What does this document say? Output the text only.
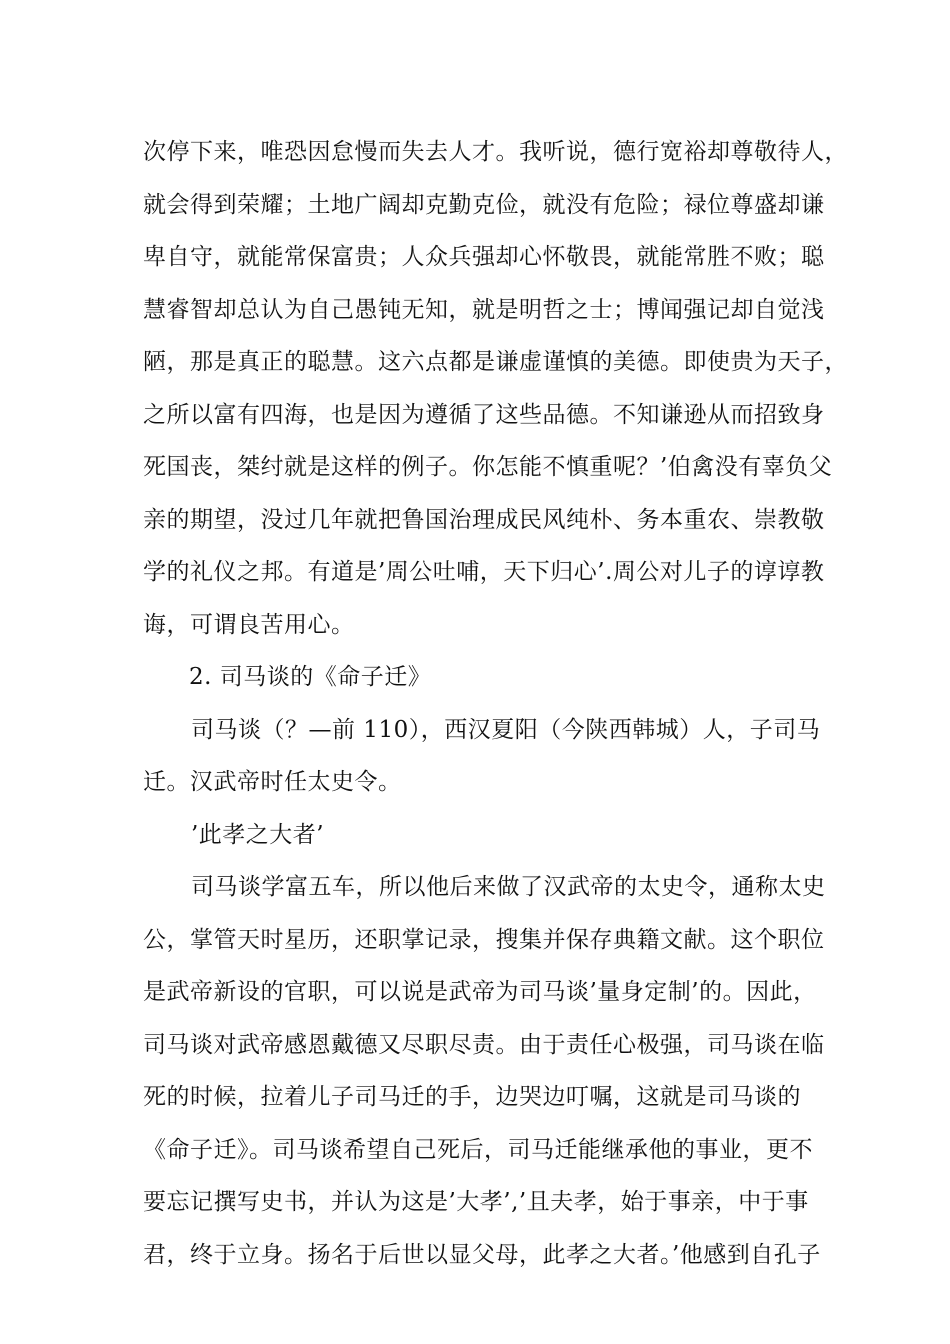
次停下来，唯恐因怠慢而失去人才。我听说，德行宽裕却尊敬待人，
就会得到荣耀；土地广阔却克勤克俭，就没有危险；禄位尊盛却谦
卑自守，就能常保富贵；人众兵强却心怀敬畏，就能常胜不败；聪
慧睿智却总认为自己愚钝无知，就是明哲之士；博闻强记却自觉浅
陋，那是真正的聪慧。这六点都是谦虚谨慎的美德。即使贵为天子，
之所以富有四海，也是因为遵循了这些品德。不知谦逊从而招致身
死国丧，桀纣就是这样的例子。你怎能不慎重呢？’伯禽没有辜负父
亲的期望，没过几年就把鲁国治理成民风纯朴、务本重农、崇教敬
学的礼仪之邦。有道是’周公吐哺，天下归心’.周公对儿子的谆谆教
诲，可谓良苦用心。
2. 司马谈的《命子迁》
司马谈（？—前 110），西汉夏阳（今陕西韩城）人，子司马
迁。汉武帝时任太史令。
’此孝之大者’
司马谈学富五车，所以他后来做了汉武帝的太史令，通称太史
公，掌管天时星历，还职掌记录，搜集并保存典籍文献。这个职位
是武帝新设的官职，可以说是武帝为司马谈’量身定制’的。因此，
司马谈对武帝感恩戴德又尽职尽责。由于责任心极强，司马谈在临
死的时候，拉着儿子司马迁的手，边哭边叮嘱，这就是司马谈的
《命子迁》。司马谈希望自己死后，司马迁能继承他的事业，更不
要忘记撰写史书，并认为这是’大孝’,’且夫孝，始于事亲，中于事
君，终于立身。扬名于后世以显父母，此孝之大者。’他感到自孔子
